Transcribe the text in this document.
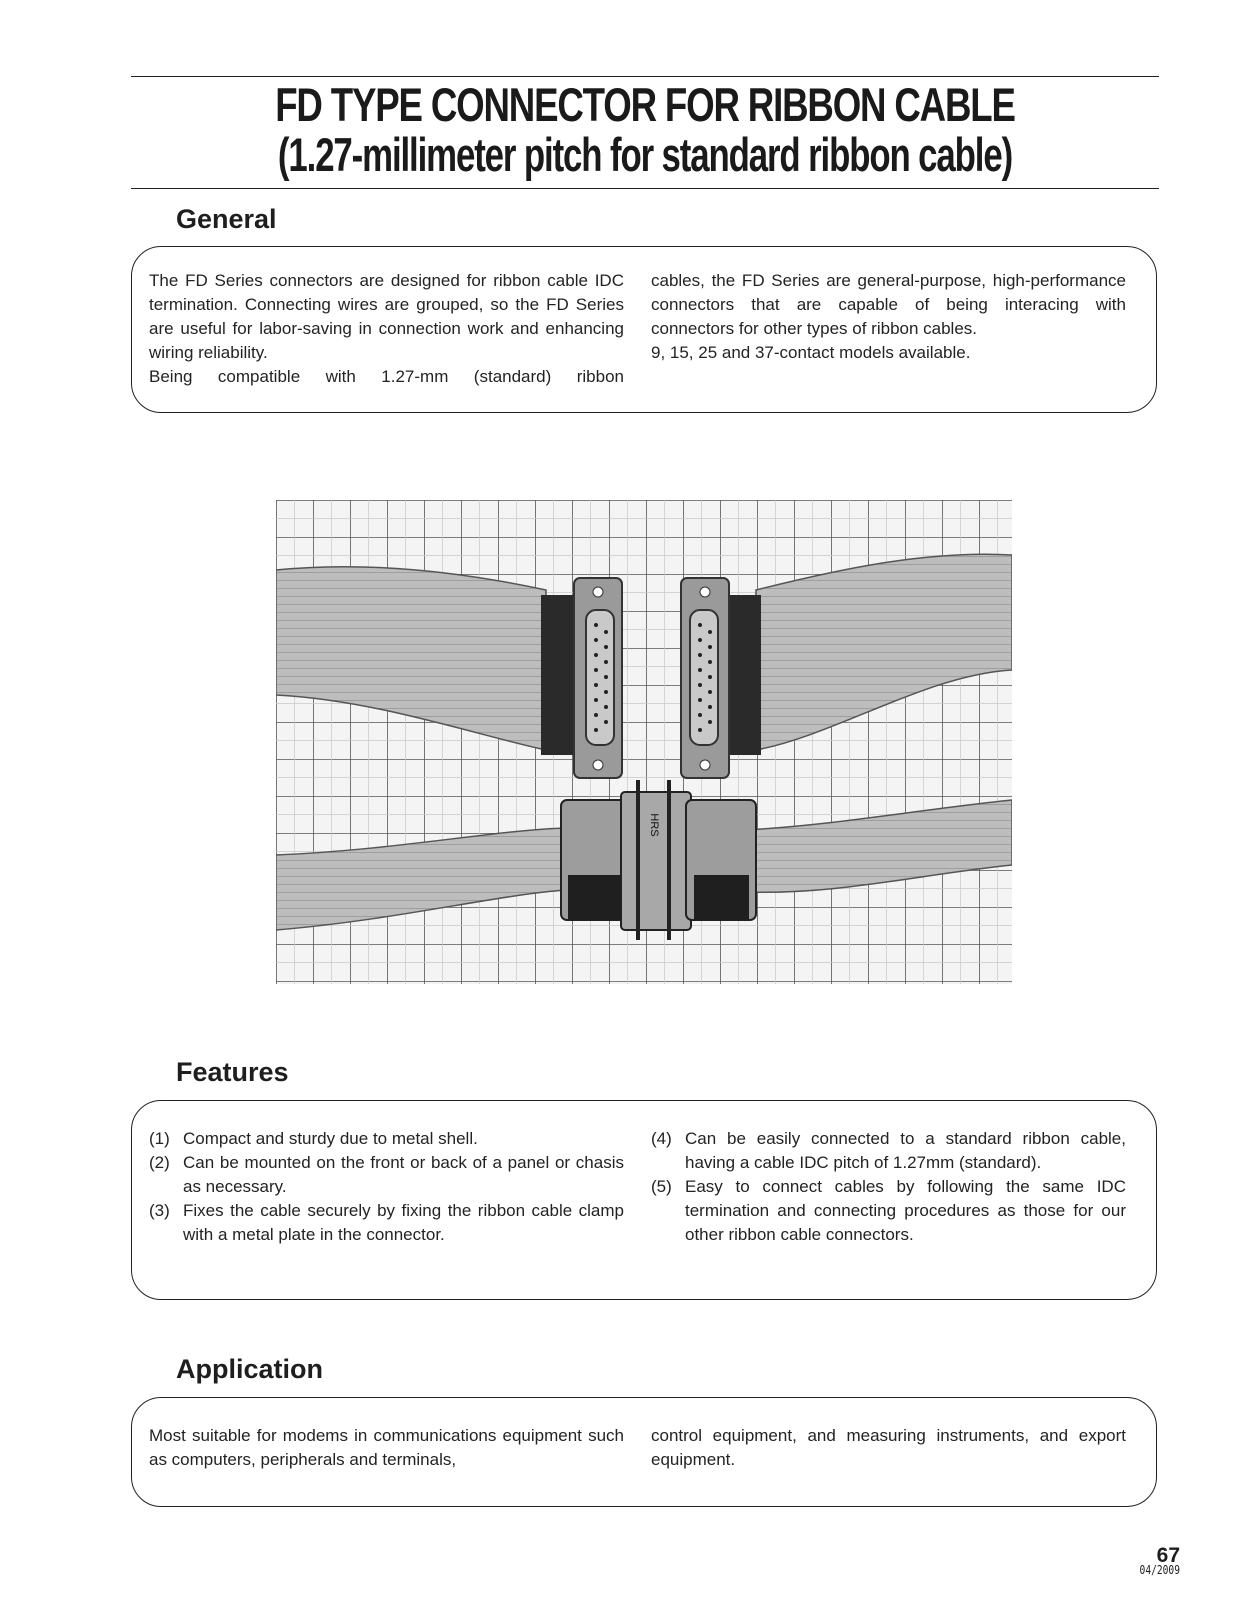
FD TYPE CONNECTOR FOR RIBBON CABLE
(1.27-millimeter pitch for standard ribbon cable)
General

The FD Series connectors are designed for ribbon cable IDC termination. Connecting wires are grouped, so the FD Series are useful for labor-saving in connection work and enhancing wiring reliability.

Being compatible with 1.27-mm (standard) ribbon

cables, the FD Series are general-purpose, high-performance connectors that are capable of being interacing with connectors for other types of ribbon cables.

9, 15, 25 and 37-contact models available.

HRS
Features

(1) Compact and sturdy due to metal shell.

(2) Can be mounted on the front or back of a panel or chasis as necessary.

(3) Fixes the cable securely by fixing the ribbon cable clamp with a metal plate in the connector.

(4) Can be easily connected to a standard ribbon cable, having a cable IDC pitch of 1.27mm (standard).

(5) Easy to connect cables by following the same IDC termination and connecting procedures as those for our other ribbon cable connectors.

Application

Most suitable for modems in communications equipment such as computers, peripherals and terminals,

control equipment, and measuring instruments, and export equipment.

67
04/2009
